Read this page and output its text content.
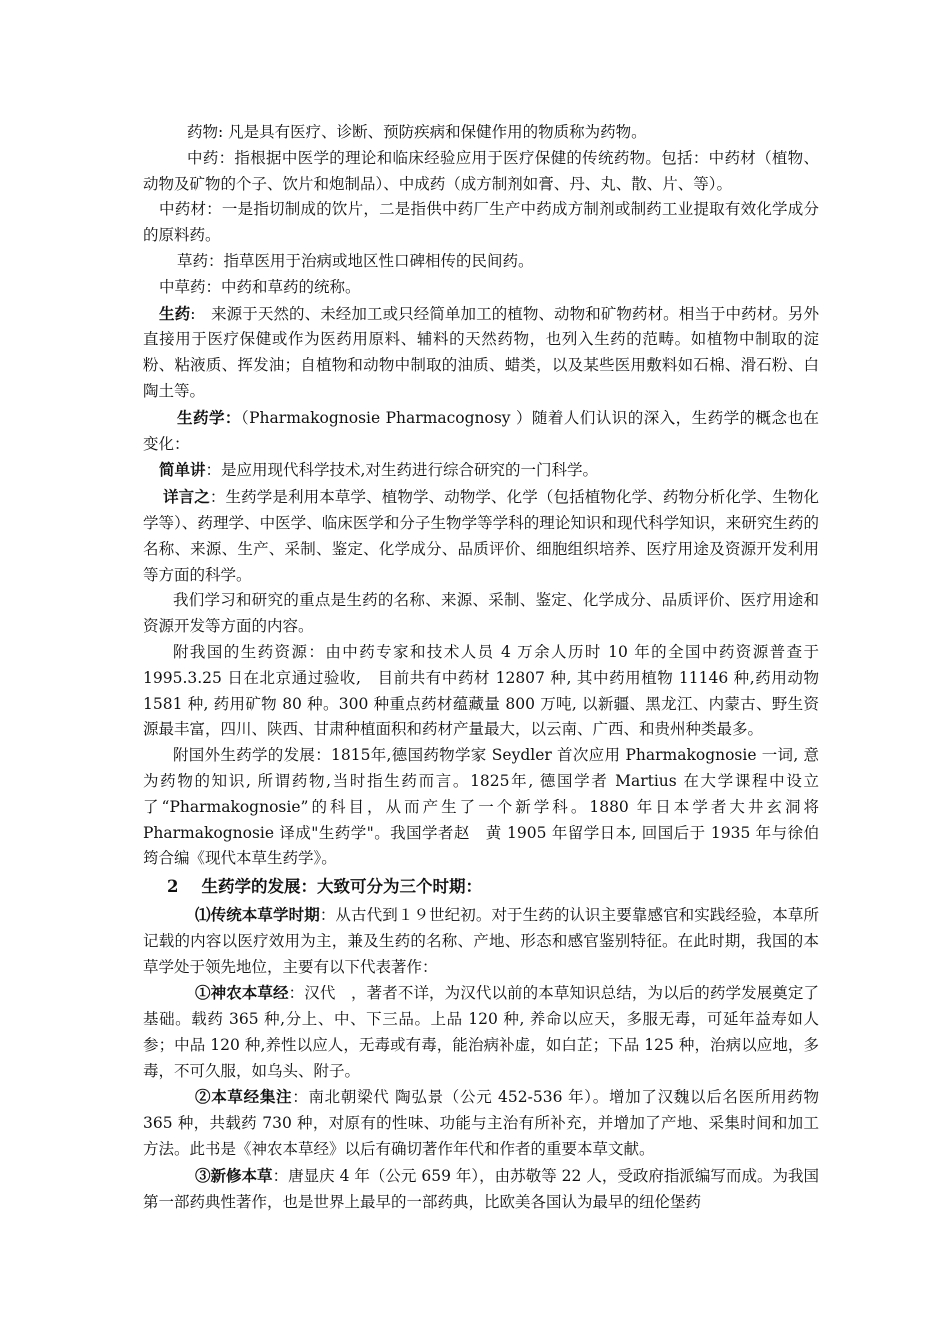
药物: 凡是具有医疗、诊断、预防疾病和保健作用的物质称为药物。

中药：指根据中医学的理论和临床经验应用于医疗保健的传统药物。包括：中药材（植物、动物及矿物的个子、饮片和炮制品）、中成药（成方制剂如膏、丹、丸、散、片、等）。

中药材：一是指切制成的饮片，二是指供中药厂生产中药成方制剂或制药工业提取有效化学成分的原料药。

草药：指草医用于治病或地区性口碑相传的民间药。

中草药：中药和草药的统称。

生药:　来源于天然的、未经加工或只经简单加工的植物、动物和矿物药材。相当于中药材。另外直接用于医疗保健或作为医药用原料、辅料的天然药物，也列入生药的范畴。如植物中制取的淀粉、粘液质、挥发油；自植物和动物中制取的油质、蜡类，以及某些医用敷料如石棉、滑石粉、白陶土等。

生药学：（Pharmakognosie Pharmacognosy ）随着人们认识的深入，生药学的概念也在变化：

简单讲：是应用现代科学技术,对生药进行综合研究的一门科学。

详言之：生药学是利用本草学、植物学、动物学、化学（包括植物化学、药物分析化学、生物化学等）、药理学、中医学、临床医学和分子生物学等学科的理论知识和现代科学知识，来研究生药的名称、来源、生产、采制、鉴定、化学成分、品质评价、细胞组织培养、医疗用途及资源开发利用等方面的科学。

我们学习和研究的重点是生药的名称、来源、采制、鉴定、化学成分、品质评价、医疗用途和资源开发等方面的内容。

附我国的生药资源：由中药专家和技术人员 4 万余人历时 10 年的全国中药资源普查于 1995.3.25 日在北京通过验收,　目前共有中药材 12807 种, 其中药用植物 11146 种,药用动物 1581 种, 药用矿物 80 种。300 种重点药材蕴藏量 800 万吨, 以新疆、黑龙江、内蒙古、野生资源最丰富，四川、陕西、甘肃种植面积和药材产量最大，以云南、广西、和贵州种类最多。

附国外生药学的发展：1815年,德国药物学家 Seydler 首次应用 Pharmakognosie 一词, 意为药物的知识, 所谓药物,当时指生药而言。1825年, 德国学者 Martius 在大学课程中设立了“Pharmakognosie”的科目，从而产生了一个新学科。1880 年日本学者大井玄洞将 Pharmakognosie 译成"生药学"。我国学者赵　黄 1905 年留学日本, 回国后于 1935 年与徐伯筠合编《现代本草生药学》。

2 生药学的发展：大致可分为三个时期：

⑴传统本草学时期：从古代到１９世纪初。对于生药的认识主要靠感官和实践经验，本草所记载的内容以医疗效用为主，兼及生药的名称、产地、形态和感官鉴别特征。在此时期，我国的本草学处于领先地位，主要有以下代表著作：

①神农本草经：汉代　，著者不详，为汉代以前的本草知识总结，为以后的药学发展奠定了基础。载药 365 种,分上、中、下三品。上品 120 种, 养命以应天，多服无毒，可延年益寿如人参；中品 120 种,养性以应人，无毒或有毒，能治病补虚，如白芷；下品 125 种，治病以应地，多毒，不可久服，如乌头、附子。

②本草经集注：南北朝梁代 陶弘景（公元 452-536 年）。增加了汉魏以后名医所用药物 365 种，共载药 730 种，对原有的性味、功能与主治有所补充，并增加了产地、采集时间和加工方法。此书是《神农本草经》以后有确切著作年代和作者的重要本草文献。

③新修本草：唐显庆 4 年（公元 659 年），由苏敬等 22 人，受政府指派编写而成。为我国第一部药典性著作，也是世界上最早的一部药典，比欧美各国认为最早的纽伦堡药
